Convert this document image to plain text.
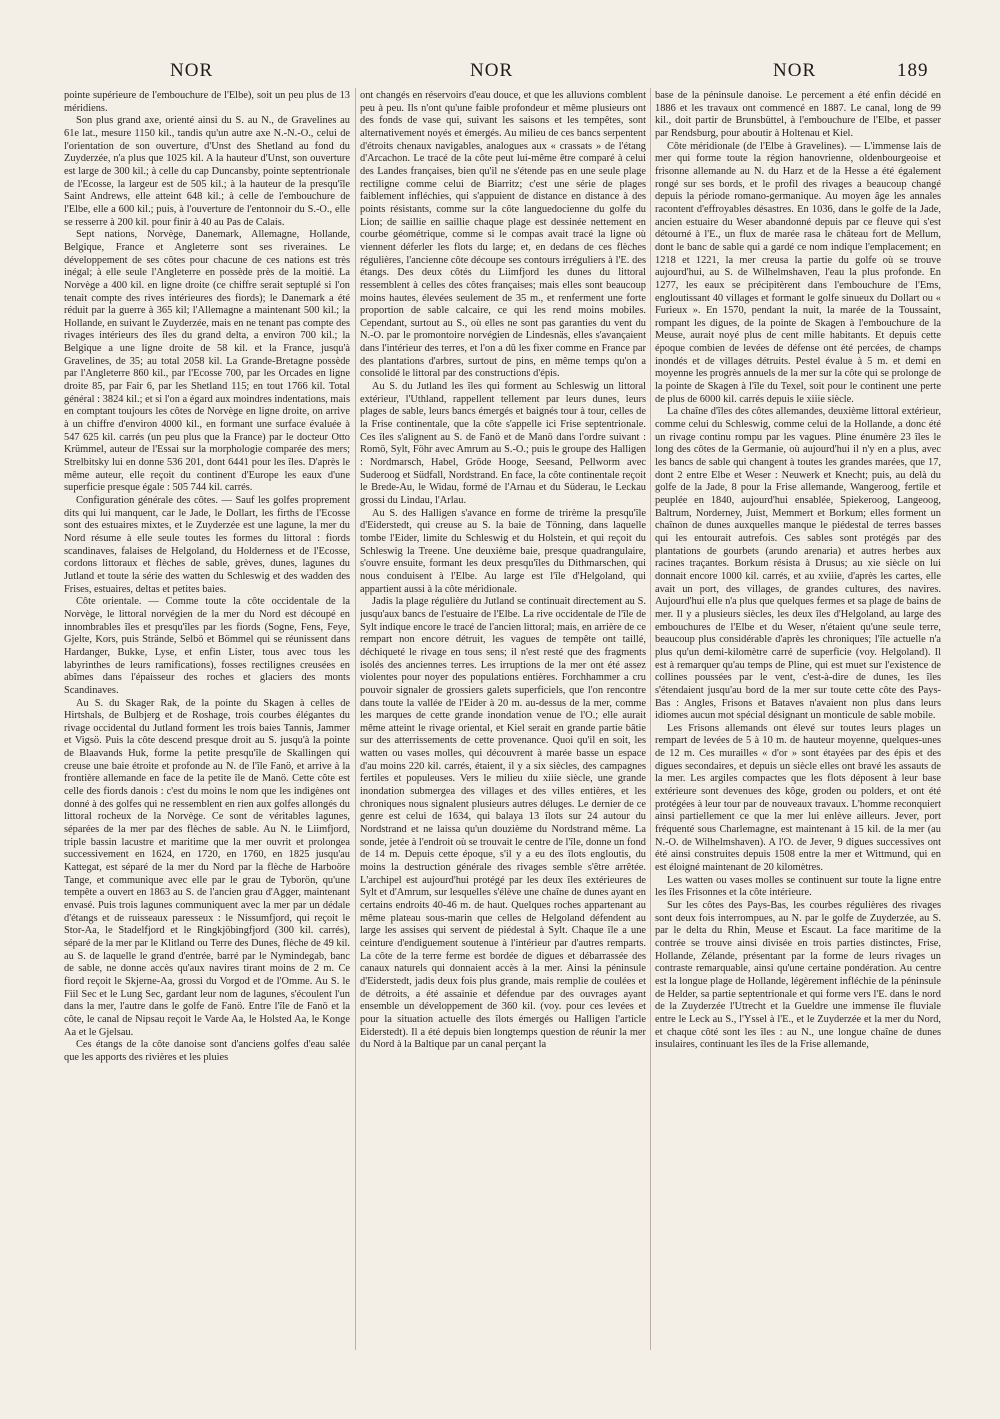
NOR	NOR	NOR	189

pointe supérieure de l'embouchure de l'Elbe), soit un peu plus de 13 méridiens.

Son plus grand axe, orienté ainsi du S. au N., de Gravelines au 61e lat., mesure 1150 kil., tandis qu'un autre axe N.-N.-O., celui de l'orientation de son ouverture, d'Unst des Shetland au fond du Zuyderzée, n'a plus que 1025 kil. A la hauteur d'Unst, son ouverture est large de 300 kil.; à celle du cap Duncansby, pointe septentrionale de l'Ecosse, la largeur est de 505 kil.; à la hauteur de la presqu'île Saint Andrews, elle atteint 648 kil.; à celle de l'embouchure de l'Elbe, elle a 600 kil.; puis, à l'ouverture de l'entonnoir du S.-O., elle se resserre à 200 kil. pour finir à 40 au Pas de Calais.

Sept nations, Norvège, Danemark, Allemagne, Hollande, Belgique, France et Angleterre sont ses riveraines. Le développement de ses côtes pour chacune de ces nations est très inégal; à elle seule l'Angleterre en possède près de la moitié. La Norvège a 400 kil. en ligne droite (ce chiffre serait septuplé si l'on tenait compte des rives intérieures des fiords); le Danemark a été réduit par la guerre à 365 kil; l'Allemagne a maintenant 500 kil.; la Hollande, en suivant le Zuyderzée, mais en ne tenant pas compte des rivages intérieurs des îles du grand delta, a environ 700 kil.; la Belgique a une ligne droite de 58 kil. et la France, jusqu'à Gravelines, de 35; au total 2058 kil. La Grande-Bretagne possède par l'Angleterre 860 kil., par l'Ecosse 700, par les Orcades en ligne droite 85, par Fair 6, par les Shetland 115; en tout 1766 kil. Total général : 3824 kil.; et si l'on a égard aux moindres indentations, mais en comptant toujours les côtes de Norvège en ligne droite, on arrive à un chiffre d'environ 4000 kil., en formant une surface évaluée à 547 625 kil. carrés (un peu plus que la France) par le docteur Otto Krümmel, auteur de l'Essai sur la morphologie comparée des mers; Strelbitsky lui en donne 536 201, dont 6441 pour les îles. D'après le même auteur, elle reçoit du continent d'Europe les eaux d'une superficie presque égale : 505 744 kil. carrés.

Configuration générale des côtes. — Sauf les golfes proprement dits qui lui manquent, car le Jade, le Dollart, les firths de l'Ecosse sont des estuaires mixtes, et le Zuyderzée est une lagune, la mer du Nord résume à elle seule toutes les formes du littoral : fiords scandinaves, falaises de Helgoland, du Holderness et de l'Ecosse, cordons littoraux et flèches de sable, grèves, dunes, lagunes du Jutland et toute la série des watten du Schleswig et des wadden des Frises, estuaires, deltas et petites baies.

Côte orientale. — Comme toute la côte occidentale de la Norvège, le littoral norvégien de la mer du Nord est découpé en innombrables îles et presqu'îles par les fiords (Sogne, Fens, Feye, Gjelte, Kors, puis Strände, Selbö et Bömmel qui se réunissent dans Hardanger, Bukke, Lyse, et enfin Lister, tous avec tous les labyrinthes de leurs ramifications), fosses rectilignes creusées en abîmes dans l'épaisseur des roches et glaciers des monts Scandinaves.

Au S. du Skager Rak, de la pointe du Skagen à celles de Hirtshals, de Bulbjerg et de Roshage, trois courbes élégantes du rivage occidental du Jutland forment les trois baies Tannis, Jammer et Vigsö. Puis la côte descend presque droit au S. jusqu'à la pointe de Blaavands Huk, forme la petite presqu'île de Skallingen qui creuse une baie étroite et profonde au N. de l'île Fanö, et arrive à la frontière allemande en face de la petite île de Manö. Cette côte est celle des fiords danois : c'est du moins le nom que les indigènes ont donné à des golfes qui ne ressemblent en rien aux golfes allongés du littoral rocheux de la Norvège. Ce sont de véritables lagunes, séparées de la mer par des flèches de sable. Au N. le Liimfjord, triple bassin lacustre et maritime que la mer ouvrit et prolongea successivement en 1624, en 1720, en 1760, en 1825 jusqu'au Kattegat, est séparé de la mer du Nord par la flèche de Harboöre Tange, et communique avec elle par le grau de Tyborön, qu'une tempête a ouvert en 1863 au S. de l'ancien grau d'Agger, maintenant envasé. Puis trois lagunes communiquent avec la mer par un dédale d'étangs et de ruisseaux paresseux : le Nissumfjord, qui reçoit le Stor-Aa, le Stadelfjord et le Ringkjöbingfjord (300 kil. carrés), séparé de la mer par le Klitland ou Terre des Dunes, flèche de 49 kil. au S. de laquelle le grand d'entrée, barré par le Nymindegab, banc de sable, ne donne accès qu'aux navires tirant moins de 2 m. Ce fiord reçoit le Skjerne-Aa, grossi du Vorgod et de l'Omme. Au S. le Fiil Sec et le Lung Sec, gardant leur nom de lagunes, s'écoulent l'un dans la mer, l'autre dans le golfe de Fanö. Entre l'île de Fanö et la côte, le canal de Nipsau reçoit le Varde Aa, le Holsted Aa, le Konge Aa et le Gjelsau.

Ces étangs de la côte danoise sont d'anciens golfes d'eau salée que les apports des rivières et les pluies

ont changés en réservoirs d'eau douce, et que les alluvions comblent peu à peu. Ils n'ont qu'une faible profondeur et même plusieurs ont des fonds de vase qui, suivant les saisons et les tempêtes, sont alternativement noyés et émergés. Au milieu de ces bancs serpentent d'étroits chenaux navigables, analogues aux « crassats » de l'étang d'Arcachon. Le tracé de la côte peut lui-même être comparé à celui des Landes françaises, bien qu'il ne s'étende pas en une seule plage rectiligne comme celui de Biarritz; c'est une série de plages faiblement infléchies, qui s'appuient de distance en distance à des points résistants, comme sur la côte languedocienne du golfe du Lion; de saillie en saillie chaque plage est dessinée nettement en courbe géométrique, comme si le compas avait tracé la ligne où viennent déferler les flots du large; et, en dedans de ces flèches régulières, l'ancienne côte découpe ses contours irréguliers à l'E. des étangs. Des deux côtés du Liimfjord les dunes du littoral ressemblent à celles des côtes françaises; mais elles sont beaucoup moins hautes, élevées seulement de 35 m., et renferment une forte proportion de sable calcaire, ce qui les rend moins mobiles. Cependant, surtout au S., où elles ne sont pas garanties du vent du N.-O. par le promontoire norvégien de Lindesnäs, elles s'avançaient dans l'intérieur des terres, et l'on a dû les fixer comme en France par des plantations d'arbres, surtout de pins, en même temps qu'on a consolidé le littoral par des constructions d'épis.

Au S. du Jutland les îles qui forment au Schleswig un littoral extérieur, l'Uthland, rappellent tellement par leurs dunes, leurs plages de sable, leurs bancs émergés et baignés tour à tour, celles de la Frise continentale, que la côte s'appelle ici Frise septentrionale. Ces îles s'alignent au S. de Fanö et de Manö dans l'ordre suivant : Romö, Sylt, Föhr avec Amrum au S.-O.; puis le groupe des Halligen : Nordmarsch, Habel, Gröde Hooge, Seesand, Pellworm avec Suderoog et Südfall, Nordstrand. En face, la côte continentale reçoit le Brede-Au, le Widau, formé de l'Arnau et du Süderau, le Leckau grossi du Lindau, l'Arlau.

Au S. des Halligen s'avance en forme de trirème la presqu'île d'Eiderstedt, qui creuse au S. la baie de Tönning, dans laquelle tombe l'Eider, limite du Schleswig et du Holstein, et qui reçoit du Schleswig la Treene. Une deuxième baie, presque quadrangulaire, s'ouvre ensuite, formant les deux presqu'îles du Dithmarschen, qui nous conduisent à l'Elbe. Au large est l'île d'Helgoland, qui appartient aussi à la côte méridionale.

Jadis la plage régulière du Jutland se continuait directement au S. jusqu'aux bancs de l'estuaire de l'Elbe. La rive occidentale de l'île de Sylt indique encore le tracé de l'ancien littoral; mais, en arrière de ce rempart non encore détruit, les vagues de tempête ont taillé, déchiqueté le rivage en tous sens; il n'est resté que des fragments isolés des anciennes terres. Les irruptions de la mer ont été assez violentes pour noyer des populations entières. Forchhammer a cru pouvoir signaler de grossiers galets superficiels, que l'on rencontre dans toute la vallée de l'Eider à 20 m. au-dessus de la mer, comme les marques de cette grande inondation venue de l'O.; elle aurait même atteint le rivage oriental, et Kiel serait en grande partie bâtie sur des atterrissements de cette provenance. Quoi qu'il en soit, les watten ou vases molles, qui découvrent à marée basse un espace d'au moins 220 kil. carrés, étaient, il y a six siècles, des campagnes fertiles et populeuses. Vers le milieu du xiiie siècle, une grande inondation submergea des villages et des villes entières, et les chroniques nous signalent plusieurs autres déluges. Le dernier de ce genre est celui de 1634, qui balaya 13 îlots sur 24 autour du Nordstrand et ne laissa qu'un douzième du Nordstrand même. La sonde, jetée à l'endroit où se trouvait le centre de l'île, donne un fond de 14 m. Depuis cette époque, s'il y a eu des îlots engloutis, du moins la destruction générale des rivages semble s'être arrêtée. L'archipel est aujourd'hui protégé par les deux îles extérieures de Sylt et d'Amrum, sur lesquelles s'élève une chaîne de dunes ayant en certains endroits 40-46 m. de haut. Quelques roches appartenant au même plateau sous-marin que celles de Helgoland défendent au large les assises qui servent de piédestal à Sylt. Chaque île a une ceinture d'endiguement soutenue à l'intérieur par d'autres remparts. La côte de la terre ferme est bordée de digues et débarrassée des canaux naturels qui donnaient accès à la mer. Ainsi la péninsule d'Eiderstedt, jadis deux fois plus grande, mais remplie de coulées et de détroits, a été assainie et défendue par des ouvrages ayant ensemble un développement de 360 kil. (voy. pour ces levées et pour la situation actuelle des îlots émergés ou Halligen l'article Eiderstedt). Il a été depuis bien longtemps question de réunir la mer du Nord à la Baltique par un canal perçant la

base de la péninsule danoise. Le percement a été enfin décidé en 1886 et les travaux ont commencé en 1887. Le canal, long de 99 kil., doit partir de Brunsbüttel, à l'embouchure de l'Elbe, et passer par Rendsburg, pour aboutir à Holtenau et Kiel.

Côte méridionale (de l'Elbe à Gravelines). — L'immense lais de mer qui forme toute la région hanovrienne, oldenbourgeoise et frisonne allemande au N. du Harz et de la Hesse a été également rongé sur ses bords, et le profil des rivages a beaucoup changé depuis la période romano-germanique. Au moyen âge les annales racontent d'effroyables désastres. En 1036, dans le golfe de la Jade, ancien estuaire du Weser abandonné depuis par ce fleuve qui s'est détourné à l'E., un flux de marée rasa le château fort de Mellum, dont le banc de sable qui a gardé ce nom indique l'emplacement; en 1218 et 1221, la mer creusa la partie du golfe où se trouve aujourd'hui, au S. de Wilhelmshaven, l'eau la plus profonde. En 1277, les eaux se précipitèrent dans l'embouchure de l'Ems, engloutissant 40 villages et formant le golfe sinueux du Dollart ou « Furieux ». En 1570, pendant la nuit, la marée de la Toussaint, rompant les digues, de la pointe de Skagen à l'embouchure de la Meuse, aurait noyé plus de cent mille habitants. Et depuis cette époque combien de levées de défense ont été percées, de champs inondés et de villages détruits. Pestel évalue à 5 m. et demi en moyenne les progrès annuels de la mer sur la côte qui se prolonge de la pointe de Skagen à l'île du Texel, soit pour le continent une perte de plus de 6000 kil. carrés depuis le xiiie siècle.

La chaîne d'îles des côtes allemandes, deuxième littoral extérieur, comme celui du Schleswig, comme celui de la Hollande, a donc été un rivage continu rompu par les vagues. Pline énumère 23 îles le long des côtes de la Germanie, où aujourd'hui il n'y en a plus, avec les bancs de sable qui changent à toutes les grandes marées, que 17, dont 2 entre Elbe et Weser : Neuwerk et Knecht; puis, au delà du golfe de la Jade, 8 pour la Frise allemande, Wangeroog, fertile et peuplée en 1840, aujourd'hui ensablée, Spiekeroog, Langeoog, Baltrum, Norderney, Juist, Memmert et Borkum; elles forment un chaînon de dunes auxquelles manque le piédestal de terres basses qui les entourait autrefois. Ces sables sont protégés par des plantations de gourbets (arundo arenaria) et autres herbes aux racines traçantes. Borkum résista à Drusus; au xie siècle on lui donnait encore 1000 kil. carrés, et au xviiie, d'après les cartes, elle avait un port, des villages, de grandes cultures, des navires. Aujourd'hui elle n'a plus que quelques fermes et sa plage de bains de mer. Il y a plusieurs siècles, les deux îles d'Helgoland, au large des embouchures de l'Elbe et du Weser, n'étaient qu'une seule terre, beaucoup plus considérable d'après les chroniques; l'île actuelle n'a plus qu'un demi-kilomètre carré de superficie (voy. Helgoland). Il est à remarquer qu'au temps de Pline, qui est muet sur l'existence de collines poussées par le vent, c'est-à-dire de dunes, les îles s'étendaient jusqu'au bord de la mer sur toute cette côte des Pays-Bas : Angles, Frisons et Bataves n'avaient non plus dans leurs idiomes aucun mot spécial désignant un monticule de sable mobile.

Les Frisons allemands ont élevé sur toutes leurs plages un rempart de levées de 5 à 10 m. de hauteur moyenne, quelques-unes de 12 m. Ces murailles « d'or » sont étayées par des épis et des digues secondaires, et depuis un siècle elles ont bravé les assauts de la mer. Les argiles compactes que les flots déposent à leur base extérieure sont devenues des kôge, groden ou polders, et ont été protégées à leur tour par de nouveaux travaux. L'homme reconquiert ainsi partiellement ce que la mer lui enlève ailleurs. Jever, port fréquenté sous Charlemagne, est maintenant à 15 kil. de la mer (au N.-O. de Wilhelmshaven). A l'O. de Jever, 9 digues successives ont été ainsi construites depuis 1508 entre la mer et Wittmund, qui en est éloigné maintenant de 20 kilomètres.

Les watten ou vases molles se continuent sur toute la ligne entre les îles Frisonnes et la côte intérieure.

Sur les côtes des Pays-Bas, les courbes régulières des rivages sont deux fois interrompues, au N. par le golfe de Zuyderzée, au S. par le delta du Rhin, Meuse et Escaut. La face maritime de la contrée se trouve ainsi divisée en trois parties distinctes, Frise, Hollande, Zélande, présentant par la forme de leurs rivages un contraste remarquable, ainsi qu'une certaine pondération. Au centre est la longue plage de Hollande, légèrement infléchie de la péninsule de Helder, sa partie septentrionale et qui forme vers l'E. dans le nord de la Zuyderzée l'Utrecht et la Gueldre une immense île fluviale entre le Leck au S., l'Yssel à l'E., et le Zuyderzée et la mer du Nord, et chaque côté sont les îles : au N., une longue chaîne de dunes insulaires, continuant les îles de la Frise allemande,
